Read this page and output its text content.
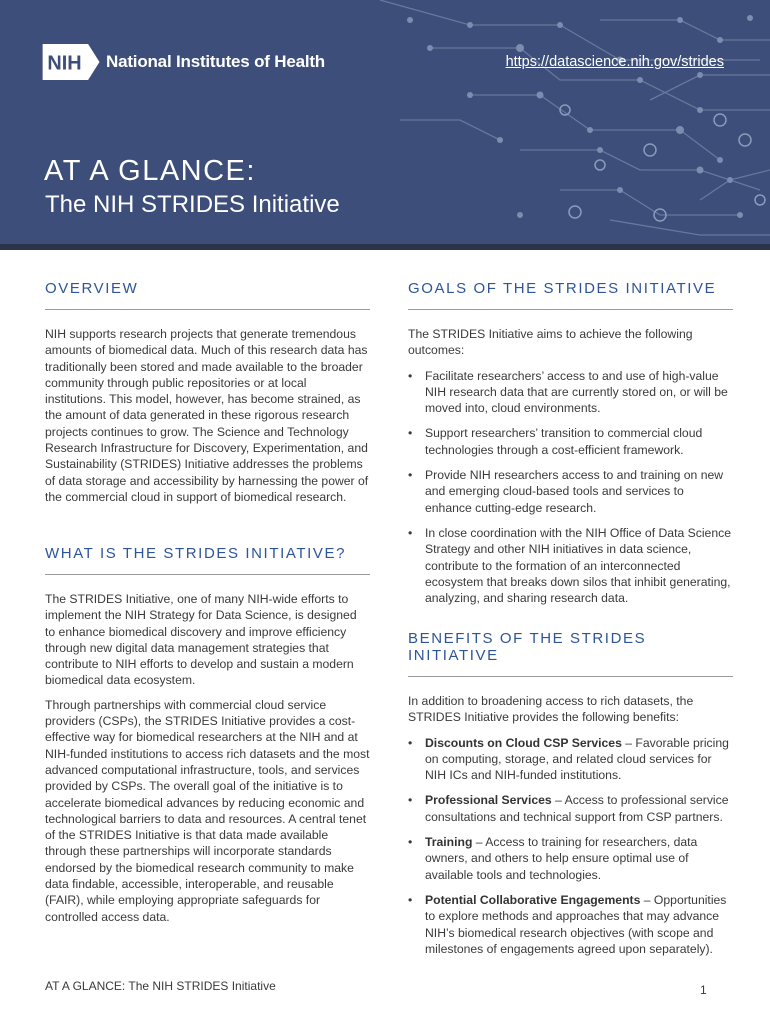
NIH National Institutes of Health	https://datascience.nih.gov/strides
AT A GLANCE:
The NIH STRIDES Initiative
OVERVIEW

NIH supports research projects that generate tremendous amounts of biomedical data. Much of this research data has traditionally been stored and made available to the broader community through public repositories or at local institutions. This model, however, has become strained, as the amount of data generated in these rigorous research projects continues to grow. The Science and Technology Research Infrastructure for Discovery, Experimentation, and Sustainability (STRIDES) Initiative addresses the problems of data storage and accessibility by harnessing the power of the commercial cloud in support of biomedical research.

WHAT IS THE STRIDES INITIATIVE?

The STRIDES Initiative, one of many NIH-wide efforts to implement the NIH Strategy for Data Science, is designed to enhance biomedical discovery and improve efficiency through new digital data management strategies that contribute to NIH efforts to develop and sustain a modern biomedical data ecosystem.

Through partnerships with commercial cloud service providers (CSPs), the STRIDES Initiative provides a cost-effective way for biomedical researchers at the NIH and at NIH-funded institutions to access rich datasets and the most advanced computational infrastructure, tools, and services provided by CSPs. The overall goal of the initiative is to accelerate biomedical advances by reducing economic and technological barriers to data and resources. A central tenet of the STRIDES Initiative is that data made available through these partnerships will incorporate standards endorsed by the biomedical research community to make data findable, accessible, interoperable, and reusable (FAIR), while employing appropriate safeguards for controlled access data.

GOALS OF THE STRIDES INITIATIVE

The STRIDES Initiative aims to achieve the following outcomes:

• Facilitate researchers’ access to and use of high-value NIH research data that are currently stored on, or will be moved into, cloud environments.
• Support researchers’ transition to commercial cloud technologies through a cost-efficient framework.
• Provide NIH researchers access to and training on new and emerging cloud-based tools and services to enhance cutting-edge research.
• In close coordination with the NIH Office of Data Science Strategy and other NIH initiatives in data science, contribute to the formation of an interconnected ecosystem that breaks down silos that inhibit generating, analyzing, and sharing research data.
BENEFITS OF THE STRIDES INITIATIVE

In addition to broadening access to rich datasets, the STRIDES Initiative provides the following benefits:

• Discounts on Cloud CSP Services – Favorable pricing on computing, storage, and related cloud services for NIH ICs and NIH-funded institutions.
• Professional Services – Access to professional service consultations and technical support from CSP partners.
• Training – Access to training for researchers, data owners, and others to help ensure optimal use of available tools and technologies.
• Potential Collaborative Engagements – Opportunities to explore methods and approaches that may advance NIH’s biomedical research objectives (with scope and milestones of engagements agreed upon separately).
AT A GLANCE: The NIH STRIDES Initiative	1
